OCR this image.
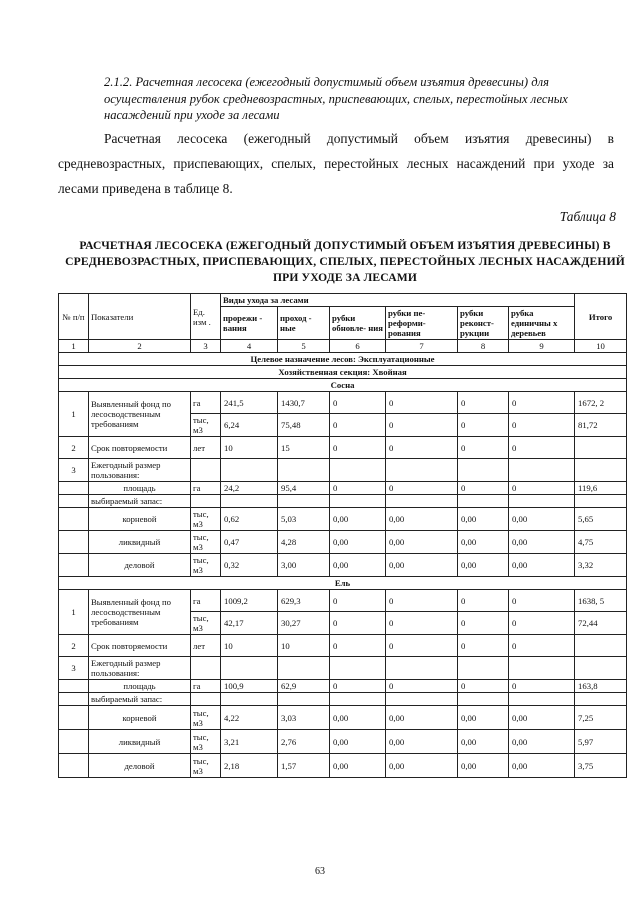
2.1.2. Расчетная лесосека (ежегодный допустимый объем изъятия древесины) для осуществления рубок средневозрастных, приспевающих, спелых, перестойных лесных насаждений при уходе за лесами
Расчетная лесосека (ежегодный допустимый объем изъятия древесины) в средневозрастных, приспевающих, спелых, перестойных лесных насаждений при уходе за лесами приведена в таблице 8.
Таблица 8
РАСЧЕТНАЯ ЛЕСОСЕКА (ЕЖЕГОДНЫЙ ДОПУСТИМЫЙ ОБЪЕМ ИЗЪЯТИЯ ДРЕВЕСИНЫ) В СРЕДНЕВОЗРАСТНЫХ, ПРИСПЕВАЮЩИХ, СПЕЛЫХ, ПЕРЕСТОЙНЫХ ЛЕСНЫХ НАСАЖДЕНИЙ ПРИ УХОДЕ ЗА ЛЕСАМИ
№ п/п	Показатели	Ед. изм .	Виды ухода за лесами						Итого
			прорежи - вания	проход - ные	рубки обновле- ния	рубки пе- реформи- рования	рубки реконст- рукции	рубка единичны х деревьев	
1	2	3	4	5	6	7	8	9	10
Целевое назначение лесов: Эксплуатационные									
Хозяйственная секция: Хвойная									
Сосна									
1	Выявленный фонд по лесосводственным требованиям	га	241,5	1430,7	0	0	0	0	1672, 2
		тыс, м3	6,24	75,48	0	0	0	0	81,72
2	Срок повторяемости	лет	10	15	0	0	0	0	
3	Ежегодный размер пользования:								
	площадь	га	24,2	95,4	0	0	0	0	119,6
	выбираемый запас:								
	корневой	тыс, м3	0,62	5,03	0,00	0,00	0,00	0,00	5,65
	ликвидный	тыс, м3	0,47	4,28	0,00	0,00	0,00	0,00	4,75
	деловой	тыс, м3	0,32	3,00	0,00	0,00	0,00	0,00	3,32
Ель									
1	Выявленный фонд по лесосводственным требованиям	га	1009,2	629,3	0	0	0	0	1638, 5
		тыс, м3	42,17	30,27	0	0	0	0	72,44
2	Срок повторяемости	лет	10	10	0	0	0	0	
3	Ежегодный размер пользования:								
	площадь	га	100,9	62,9	0	0	0	0	163,8
	выбираемый запас:								
	корневой	тыс, м3	4,22	3,03	0,00	0,00	0,00	0,00	7,25
	ликвидный	тыс, м3	3,21	2,76	0,00	0,00	0,00	0,00	5,97
	деловой	тыс, м3	2,18	1,57	0,00	0,00	0,00	0,00	3,75
63
